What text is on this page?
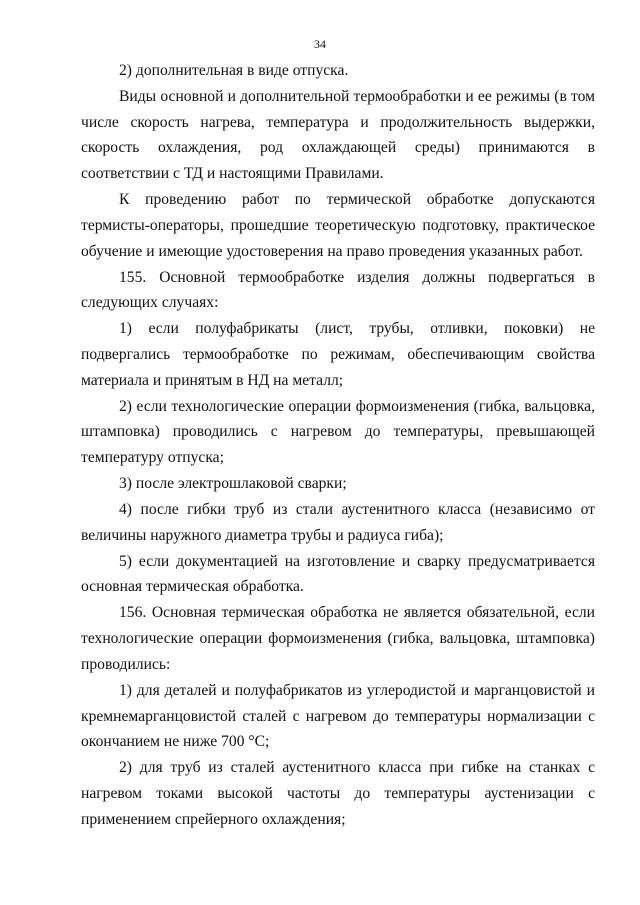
34

2) дополнительная в виде отпуска.

Виды основной и дополнительной термообработки и ее режимы (в том числе скорость нагрева, температура и продолжительность выдержки, скорость охлаждения, род охлаждающей среды) принимаются в соответствии с ТД и настоящими Правилами.

К проведению работ по термической обработке допускаются термисты-операторы, прошедшие теоретическую подготовку, практическое обучение и имеющие удостоверения на право проведения указанных работ.

155. Основной термообработке изделия должны подвергаться в следующих случаях:

1) если полуфабрикаты (лист, трубы, отливки, поковки) не подвергались термообработке по режимам, обеспечивающим свойства материала и принятым в НД на металл;

2) если технологические операции формоизменения (гибка, вальцовка, штамповка) проводились с нагревом до температуры, превышающей температуру отпуска;

3) после электрошлаковой сварки;

4) после гибки труб из стали аустенитного класса (независимо от величины наружного диаметра трубы и радиуса гиба);

5) если документацией на изготовление и сварку предусматривается основная термическая обработка.

156. Основная термическая обработка не является обязательной, если технологические операции формоизменения (гибка, вальцовка, штамповка) проводились:

1) для деталей и полуфабрикатов из углеродистой и марганцовистой и кремнемарганцовистой сталей с нагревом до температуры нормализации с окончанием не ниже 700 °С;

2) для труб из сталей аустенитного класса при гибке на станках с нагревом токами высокой частоты до температуры аустенизации с применением спрейерного охлаждения;
